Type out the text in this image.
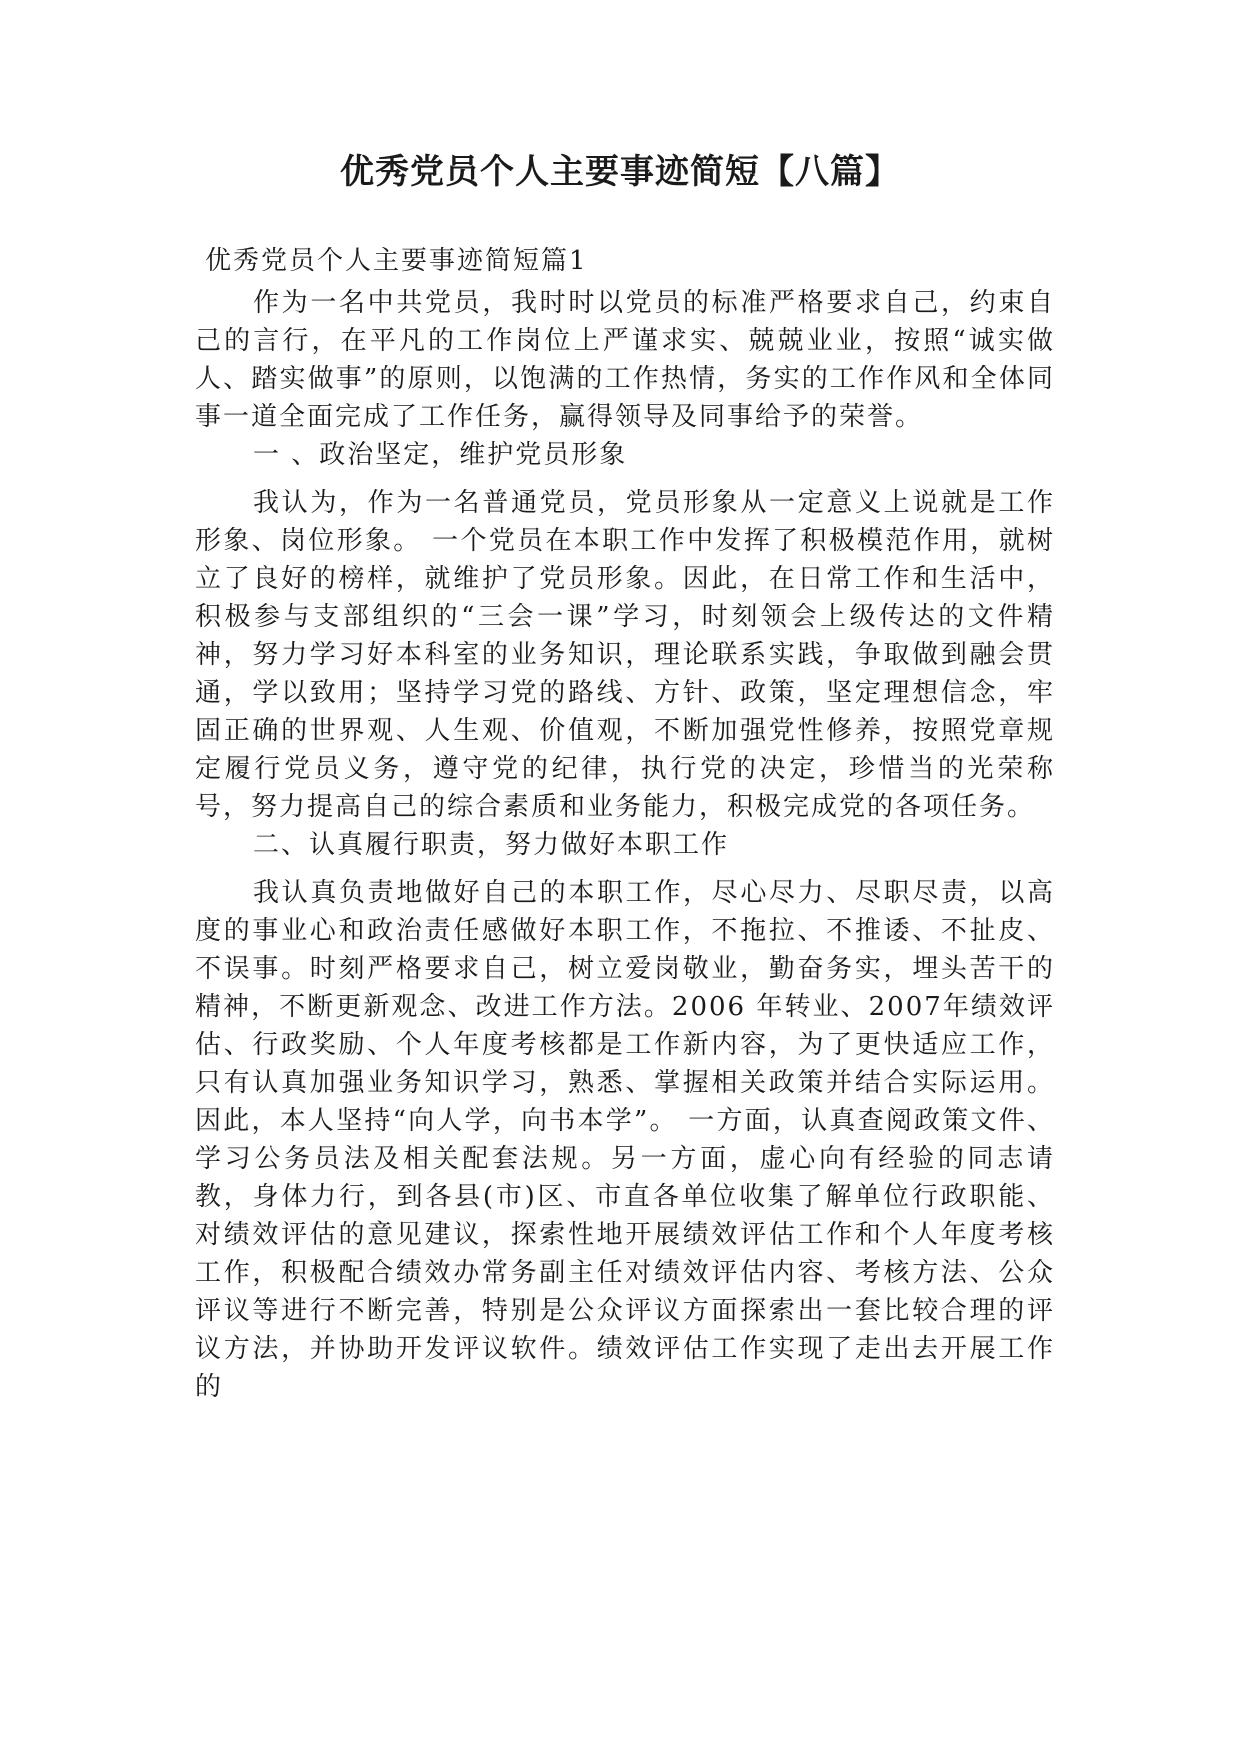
优秀党员个人主要事迹简短【八篇】

优秀党员个人主要事迹简短篇1

作为一名中共党员，我时时以党员的标准严格要求自己，约束自己的言行，在平凡的工作岗位上严谨求实、兢兢业业，按照“诚实做人、踏实做事”的原则，以饱满的工作热情，务实的工作作风和全体同事一道全面完成了工作任务，赢得领导及同事给予的荣誉。

一 、政治坚定，维护党员形象

我认为，作为一名普通党员，党员形象从一定意义上说就是工作形象、岗位形象。 一个党员在本职工作中发挥了积极模范作用，就树立了良好的榜样，就维护了党员形象。因此，在日常工作和生活中，积极参与支部组织的“三会一课”学习，时刻领会上级传达的文件精神，努力学习好本科室的业务知识，理论联系实践，争取做到融会贯通，学以致用；坚持学习党的路线、方针、政策，坚定理想信念，牢固正确的世界观、人生观、价值观，不断加强党性修养，按照党章规定履行党员义务，遵守党的纪律，执行党的决定，珍惜当的光荣称号，努力提高自己的综合素质和业务能力，积极完成党的各项任务。

二、认真履行职责，努力做好本职工作

我认真负责地做好自己的本职工作，尽心尽力、尽职尽责，以高度的事业心和政治责任感做好本职工作，不拖拉、不推诿、不扯皮、不误事。时刻严格要求自己，树立爱岗敬业，勤奋务实，埋头苦干的精神，不断更新观念、改进工作方法。2006 年转业、2007年绩效评估、行政奖励、个人年度考核都是工作新内容，为了更快适应工作，只有认真加强业务知识学习，熟悉、掌握相关政策并结合实际运用。因此，本人坚持“向人学，向书本学”。 一方面，认真查阅政策文件、学习公务员法及相关配套法规。另一方面，虚心向有经验的同志请教，身体力行，到各县(市)区、市直各单位收集了解单位行政职能、对绩效评估的意见建议，探索性地开展绩效评估工作和个人年度考核工作，积极配合绩效办常务副主任对绩效评估内容、考核方法、公众评议等进行不断完善，特别是公众评议方面探索出一套比较合理的评议方法，并协助开发评议软件。绩效评估工作实现了走出去开展工作的
